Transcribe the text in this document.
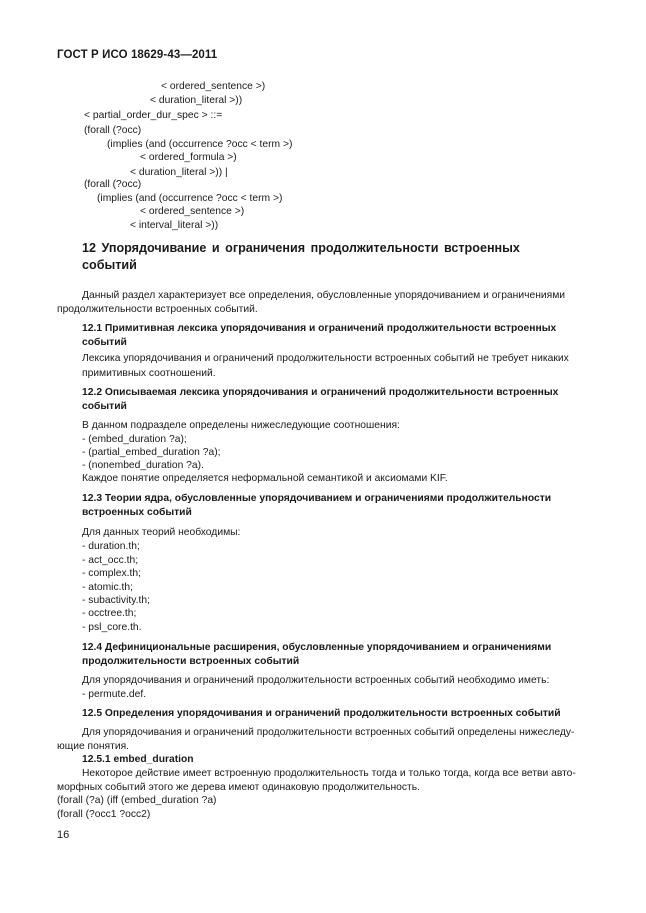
ГОСТ Р ИСО 18629-43—2011
< ordered_sentence >)
< duration_literal >))
< partial_order_dur_spec > ::=
(forall (?occ)
(implies (and (occurrence ?occ < term >)
< ordered_formula >)
< duration_literal >)) |
(forall (?occ)
(implies (and (occurrence ?occ < term >)
< ordered_sentence >)
< interval_literal >))
12 Упорядочивание и ограничения продолжительности встроенных событий
Данный раздел характеризует все определения, обусловленные упорядочиванием и ограничениями
продолжительности встроенных событий.
12.1 Примитивная лексика упорядочивания и ограничений продолжительности встроенных
событий
Лексика упорядочивания и ограничений продолжительности встроенных событий не требует никаких
примитивных соотношений.
12.2 Описываемая лексика упорядочивания и ограничений продолжительности встроенных
событий
В данном подразделе определены нижеследующие соотношения:
- (embed_duration ?a);
- (partial_embed_duration ?a);
- (nonembed_duration ?a).
Каждое понятие определяется неформальной семантикой и аксиомами KIF.
12.3 Теории ядра, обусловленные упорядочиванием и ограничениями продолжительности
встроенных событий
Для данных теорий необходимы:
- duration.th;
- act_occ.th;
- complex.th;
- atomic.th;
- subactivity.th;
- occtree.th;
- psl_core.th.
12.4 Дефинициональные расширения, обусловленные упорядочиванием и ограничениями
продолжительности встроенных событий
Для упорядочивания и ограничений продолжительности встроенных событий необходимо иметь:
- permute.def.
12.5 Определения упорядочивания и ограничений продолжительности встроенных событий
Для упорядочивания и ограничений продолжительности встроенных событий определены нижеследу-
ющие понятия.
12.5.1 embed_duration
Некоторое действие имеет встроенную продолжительность тогда и только тогда, когда все ветви авто-
морфных событий этого же дерева имеют одинаковую продолжительность.
(forall (?a) (iff (embed_duration ?a)
(forall (?occ1 ?occ2)
16
